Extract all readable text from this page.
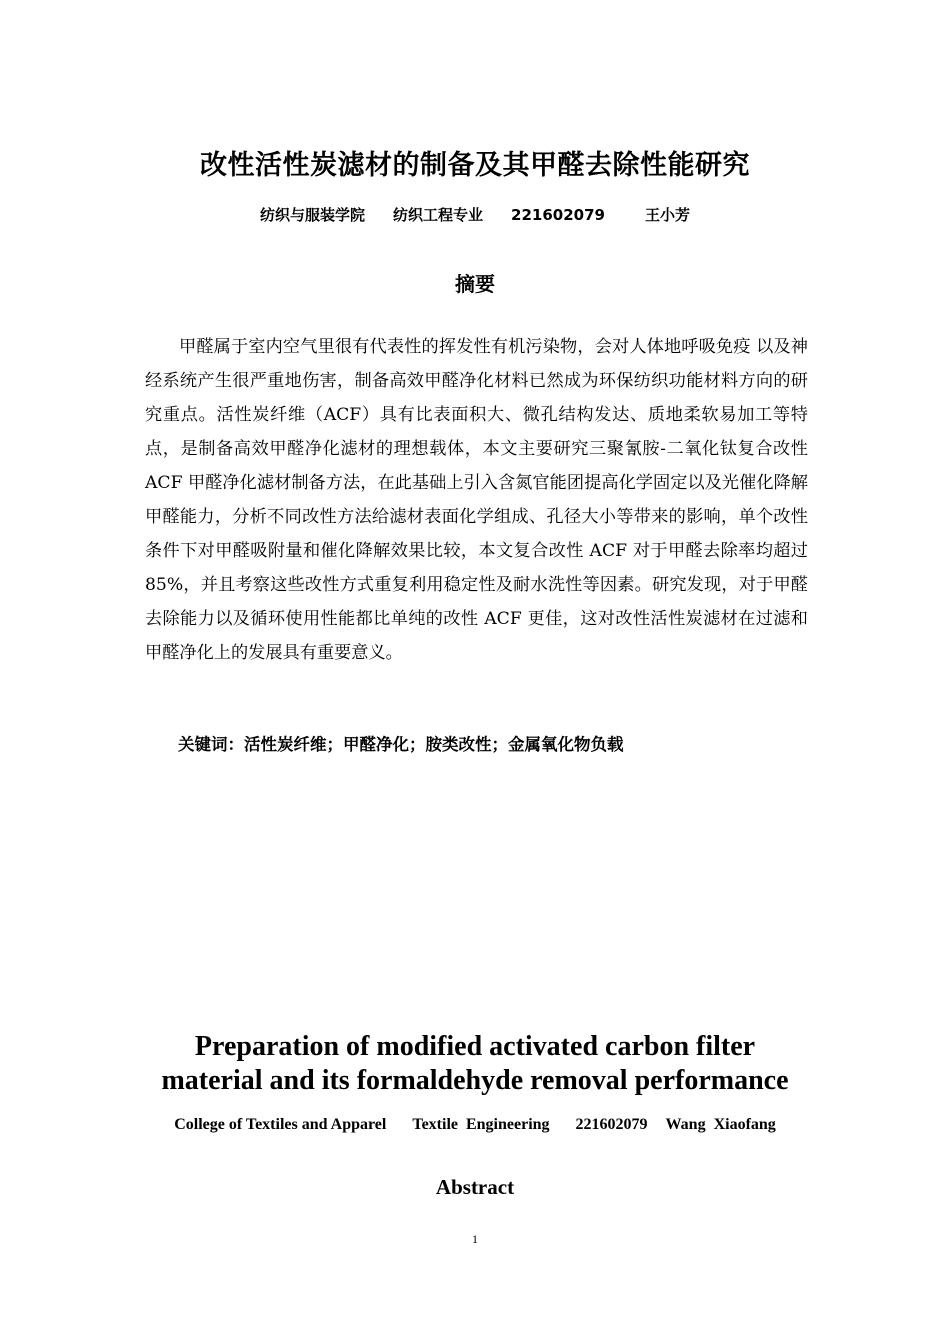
改性活性炭滤材的制备及其甲醛去除性能研究
纺织与服装学院 纺织工程专业 221602079	王小芳
摘要

甲醛属于室内空气里很有代表性的挥发性有机污染物，会对人体地呼吸免疫 以及神经系统产生很严重地伤害，制备高效甲醛净化材料已然成为环保纺织功能材料方向的研究重点。活性炭纤维（ACF）具有比表面积大、微孔结构发达、质地柔软易加工等特点，是制备高效甲醛净化滤材的理想载体，本文主要研究三聚氰胺-二氧化钛复合改性 ACF 甲醛净化滤材制备方法，在此基础上引入含氮官能团提高化学固定以及光催化降解甲醛能力，分析不同改性方法给滤材表面化学组成、孔径大小等带来的影响，单个改性条件下对甲醛吸附量和催化降解效果比较，本文复合改性 ACF 对于甲醛去除率均超过 85%，并且考察这些改性方式重复利用稳定性及耐水洗性等因素。研究发现，对于甲醛去除能力以及循环使用性能都比单纯的改性 ACF 更佳，这对改性活性炭滤材在过滤和甲醛净化上的发展具有重要意义。

关键词：活性炭纤维；甲醛净化；胺类改性；金属氧化物负载
Preparation of modified activated carbon filter
material and its formaldehyde removal performance
College of Textiles and Apparel Textile  Engineering 221602079 Wang  Xiaofang
Abstract
1
